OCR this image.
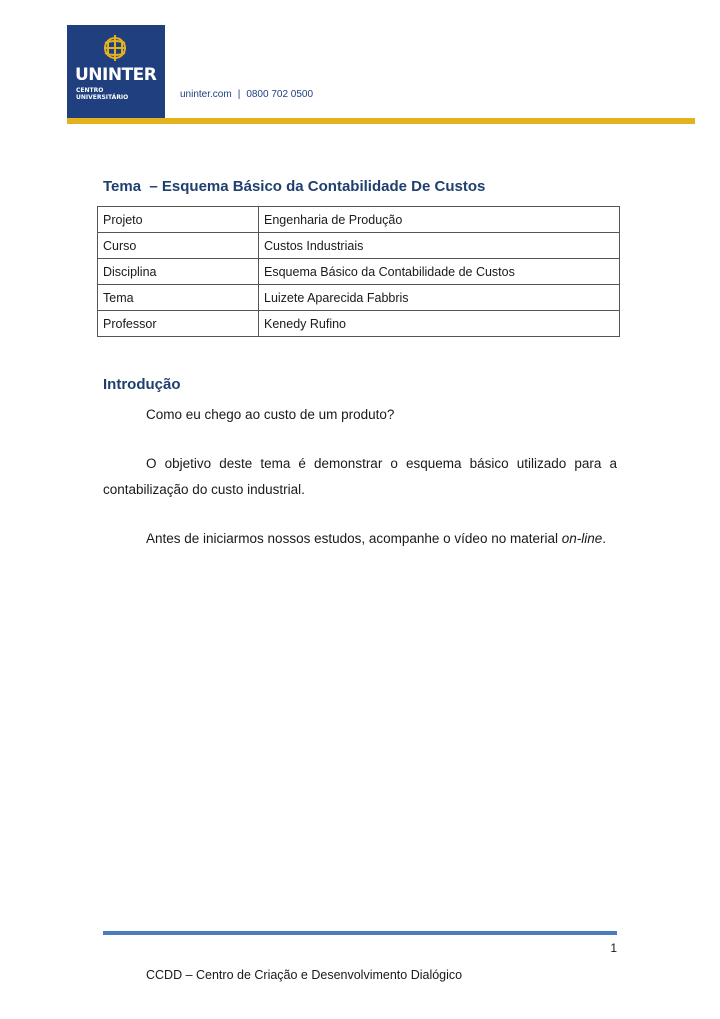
UNINTER
CENTRO
UNIVERSITÁRIO	uninter.com | 0800 702 0500
Tema  – Esquema Básico da Contabilidade De Custos
Projeto	Engenharia de Produção
Curso	Custos Industriais
Disciplina	Esquema Básico da Contabilidade de Custos
Tema	Luizete Aparecida Fabbris
Professor	Kenedy Rufino
Introdução
Como eu chego ao custo de um produto?
O objetivo deste tema é demonstrar o esquema básico utilizado para a contabilização do custo industrial.
Antes de iniciarmos nossos estudos, acompanhe o vídeo no material on-line.
1
CCDD – Centro de Criação e Desenvolvimento Dialógico
